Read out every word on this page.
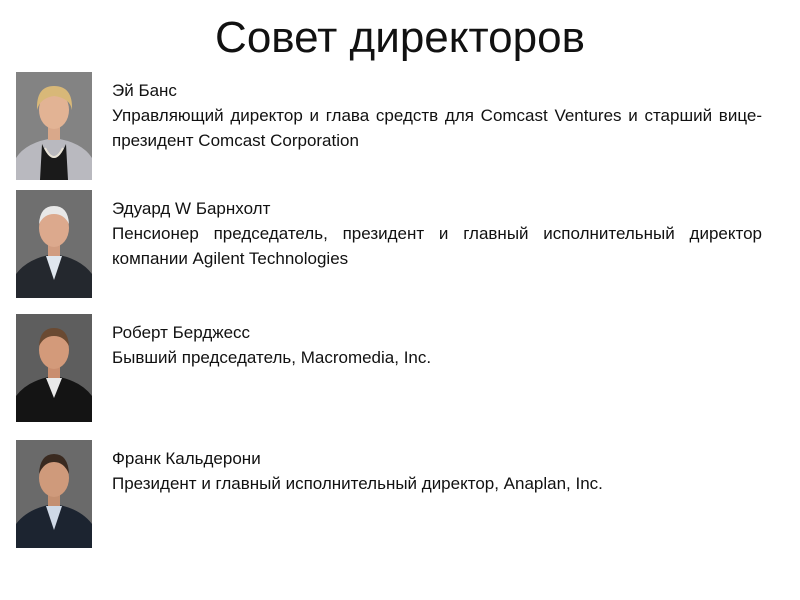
Совет директоров
Эй Банс
Управляющий директор и глава средств для Comcast Ventures и старший вице-президент Comcast Corporation
Эдуард W Барнхолт
Пенсионер председатель, президент и главный исполнительный директор компании Agilent Technologies
Роберт Берджесс
Бывший председатель, Macromedia, Inc.
Франк Кальдерони
Президент и главный исполнительный директор, Anaplan, Inc.
